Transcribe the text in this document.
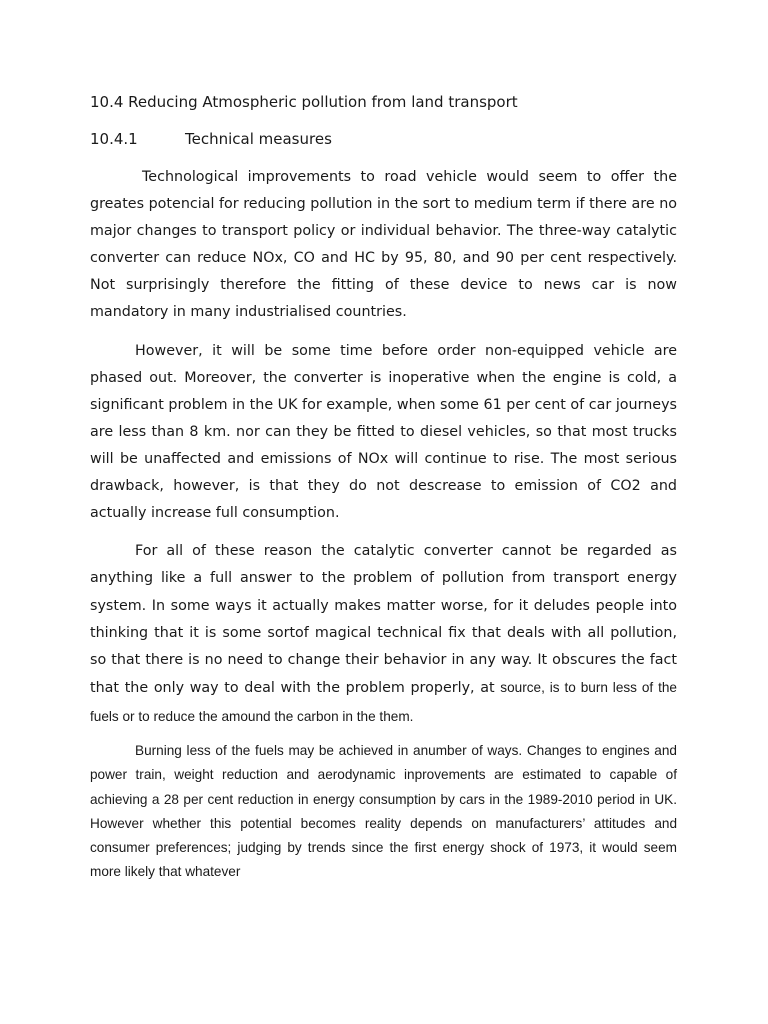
10.4 Reducing Atmospheric pollution from land transport
10.4.1	Technical measures

Technological improvements to road vehicle would seem to offer the greates potencial for reducing pollution in the sort to medium term if there are no major changes to transport policy or individual behavior. The three-way catalytic converter can reduce NOx, CO and HC by 95, 80, and 90 per cent respectively. Not surprisingly therefore the fitting of these device to news car is now mandatory in many industrialised countries.

However, it will be some time before order non-equipped vehicle are phased out. Moreover, the converter is inoperative when the engine is cold, a significant problem in the UK for example, when some 61 per cent of car journeys are less than 8 km. nor can they be fitted to diesel vehicles, so that most trucks will be unaffected and emissions of NOx will continue to rise. The most serious drawback, however, is that they do not descrease to emission of CO2 and actually increase full consumption.

For all of these reason the catalytic converter cannot be regarded as anything like a full answer to the problem of pollution from transport energy system. In some ways it actually makes matter worse, for it deludes people into thinking that it is some sortof magical technical fix that deals with all pollution, so that there is no need to change their behavior in any way. It obscures the fact that the only way to deal with the problem properly, at source, is to burn less of the fuels or to reduce the amound the carbon in the them.

Burning less of the fuels may be achieved in anumber of ways. Changes to engines and power train, weight reduction and aerodynamic inprovements are estimated to capable of achieving a 28 per cent reduction in energy consumption by cars in the 1989-2010 period in UK. However whether this potential becomes reality depends on manufacturers’ attitudes and consumer preferences; judging by trends since the first energy shock of 1973, it would seem more likely that whatever
